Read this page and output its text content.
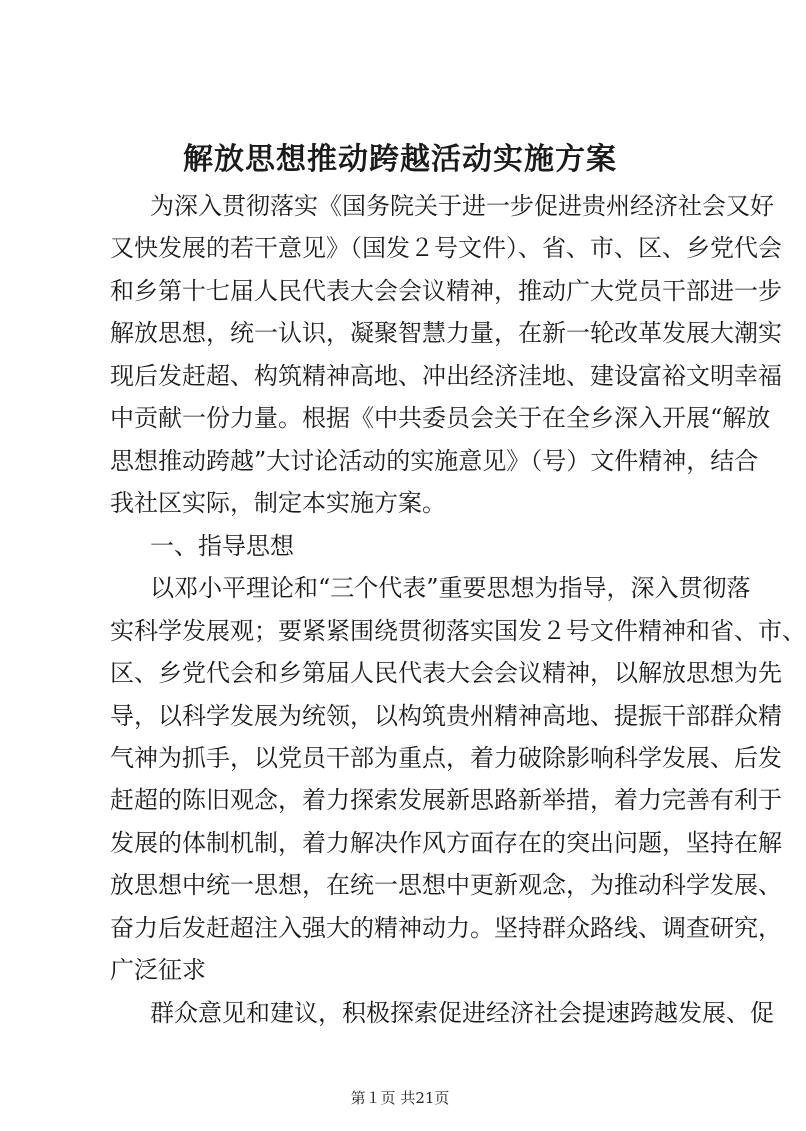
解放思想推动跨越活动实施方案
为深入贯彻落实《国务院关于进一步促进贵州经济社会又好
又快发展的若干意见》（国发２号文件）、省、市、区、乡党代会
和乡第十七届人民代表大会会议精神，推动广大党员干部进一步
解放思想，统一认识，凝聚智慧力量，在新一轮改革发展大潮实
现后发赶超、构筑精神高地、冲出经济洼地、建设富裕文明幸福
中贡献一份力量。根据《中共委员会关于在全乡深入开展“解放
思想推动跨越”大讨论活动的实施意见》（号）文件精神，结合
我社区实际，制定本实施方案。
一、指导思想
以邓小平理论和“三个代表”重要思想为指导，深入贯彻落
实科学发展观；要紧紧围绕贯彻落实国发２号文件精神和省、市、
区、乡党代会和乡第届人民代表大会会议精神，以解放思想为先
导，以科学发展为统领，以构筑贵州精神高地、提振干部群众精
气神为抓手，以党员干部为重点，着力破除影响科学发展、后发
赶超的陈旧观念，着力探索发展新思路新举措，着力完善有利于
发展的体制机制，着力解决作风方面存在的突出问题，坚持在解
放思想中统一思想，在统一思想中更新观念，为推动科学发展、
奋力后发赶超注入强大的精神动力。坚持群众路线、调查研究，
广泛征求
群众意见和建议，积极探索促进经济社会提速跨越发展、促
第１页 共21页
